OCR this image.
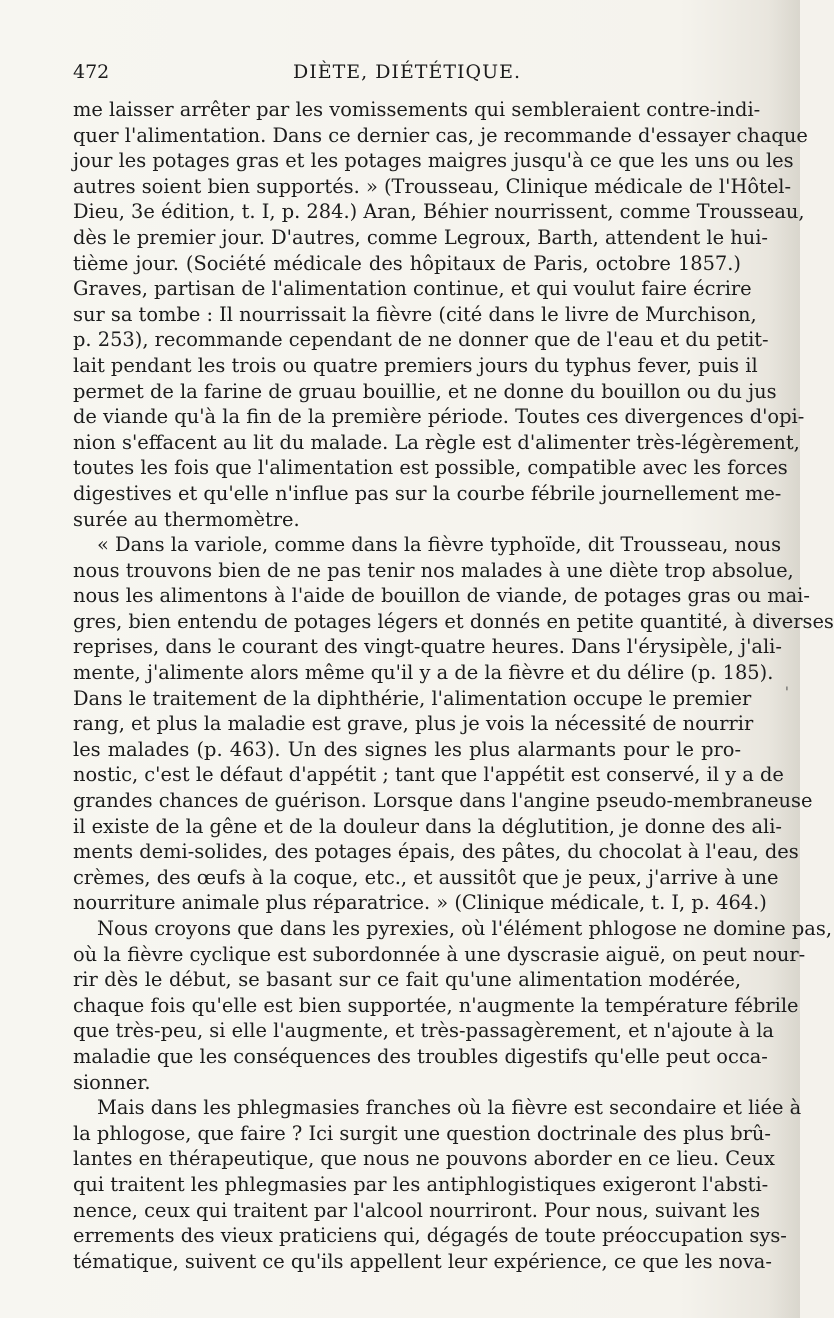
472	DIÈTE, DIÉTÉTIQUE.
me laisser arrêter par les vomissements qui sembleraient contre-indi-
quer l'alimentation. Dans ce dernier cas, je recommande d'essayer chaque
jour les potages gras et les potages maigres jusqu'à ce que les uns ou les
autres soient bien supportés. » (Trousseau, Clinique médicale de l'Hôtel-
Dieu, 3e édition, t. I, p. 284.) Aran, Béhier nourrissent, comme Trousseau,
dès le premier jour. D'autres, comme Legroux, Barth, attendent le hui-
tième jour. (Société médicale des hôpitaux de Paris, octobre 1857.)
Graves, partisan de l'alimentation continue, et qui voulut faire écrire
sur sa tombe : Il nourrissait la fièvre (cité dans le livre de Murchison,
p. 253), recommande cependant de ne donner que de l'eau et du petit-
lait pendant les trois ou quatre premiers jours du typhus fever, puis il
permet de la farine de gruau bouillie, et ne donne du bouillon ou du jus
de viande qu'à la fin de la première période. Toutes ces divergences d'opi-
nion s'effacent au lit du malade. La règle est d'alimenter très-légèrement,
toutes les fois que l'alimentation est possible, compatible avec les forces
digestives et qu'elle n'influe pas sur la courbe fébrile journellement me-
surée au thermomètre.
« Dans la variole, comme dans la fièvre typhoïde, dit Trousseau, nous
nous trouvons bien de ne pas tenir nos malades à une diète trop absolue,
nous les alimentons à l'aide de bouillon de viande, de potages gras ou mai-
gres, bien entendu de potages légers et donnés en petite quantité, à diverses
reprises, dans le courant des vingt-quatre heures. Dans l'érysipèle, j'ali-
mente, j'alimente alors même qu'il y a de la fièvre et du délire (p. 185).
Dans le traitement de la diphthérie, l'alimentation occupe le premier
rang, et plus la maladie est grave, plus je vois la nécessité de nourrir
les malades (p. 463). Un des signes les plus alarmants pour le pro-
nostic, c'est le défaut d'appétit ; tant que l'appétit est conservé, il y a de
grandes chances de guérison. Lorsque dans l'angine pseudo-membraneuse
il existe de la gêne et de la douleur dans la déglutition, je donne des ali-
ments demi-solides, des potages épais, des pâtes, du chocolat à l'eau, des
crèmes, des œufs à la coque, etc., et aussitôt que je peux, j'arrive à une
nourriture animale plus réparatrice. » (Clinique médicale, t. I, p. 464.)
Nous croyons que dans les pyrexies, où l'élément phlogose ne domine pas,
où la fièvre cyclique est subordonnée à une dyscrasie aiguë, on peut nour-
rir dès le début, se basant sur ce fait qu'une alimentation modérée,
chaque fois qu'elle est bien supportée, n'augmente la température fébrile
que très-peu, si elle l'augmente, et très-passagèrement, et n'ajoute à la
maladie que les conséquences des troubles digestifs qu'elle peut occa-
sionner.
Mais dans les phlegmasies franches où la fièvre est secondaire et liée à
la phlogose, que faire ? Ici surgit une question doctrinale des plus brû-
lantes en thérapeutique, que nous ne pouvons aborder en ce lieu. Ceux
qui traitent les phlegmasies par les antiphlogistiques exigeront l'absti-
nence, ceux qui traitent par l'alcool nourriront. Pour nous, suivant les
errements des vieux praticiens qui, dégagés de toute préoccupation sys-
tématique, suivent ce qu'ils appellent leur expérience, ce que les nova-
'
